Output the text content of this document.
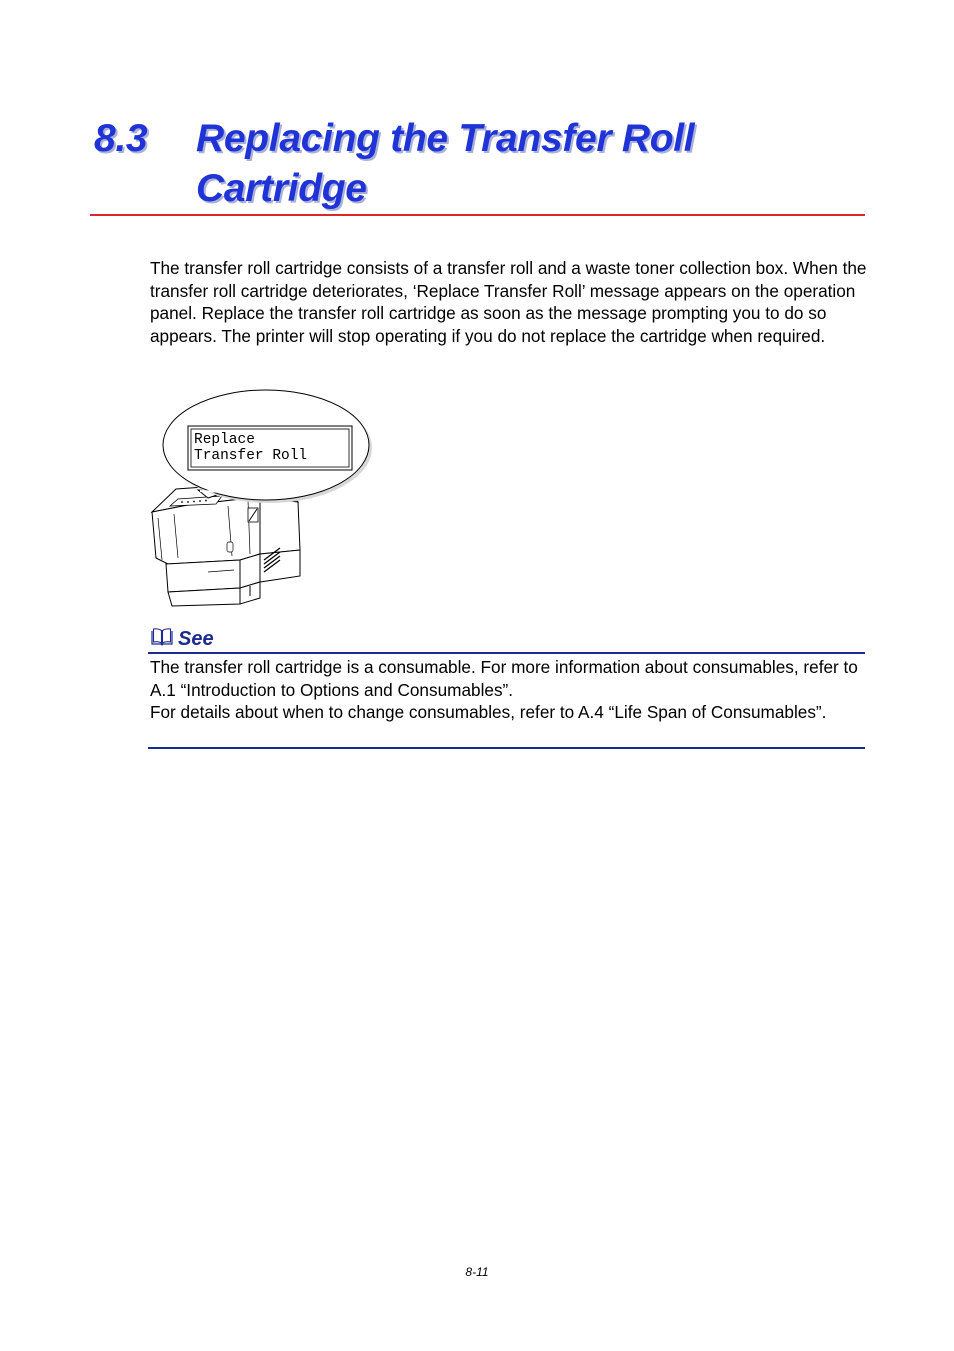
8.3 Replacing the Transfer Roll Cartridge

The transfer roll cartridge consists of a transfer roll and a waste toner collection box. When the transfer roll cartridge deteriorates, ‘Replace Transfer Roll’ message appears on the operation panel. Replace the transfer roll cartridge as soon as the message prompting you to do so appears. The printer will stop operating if you do not replace the cartridge when required.

Replace
Transfer Roll
See

The transfer roll cartridge is a consumable. For more information about consumables, refer to A.1 “Introduction to Options and Consumables”.

For details about when to change consumables, refer to A.4 “Life Span of Consumables”.

8-11
